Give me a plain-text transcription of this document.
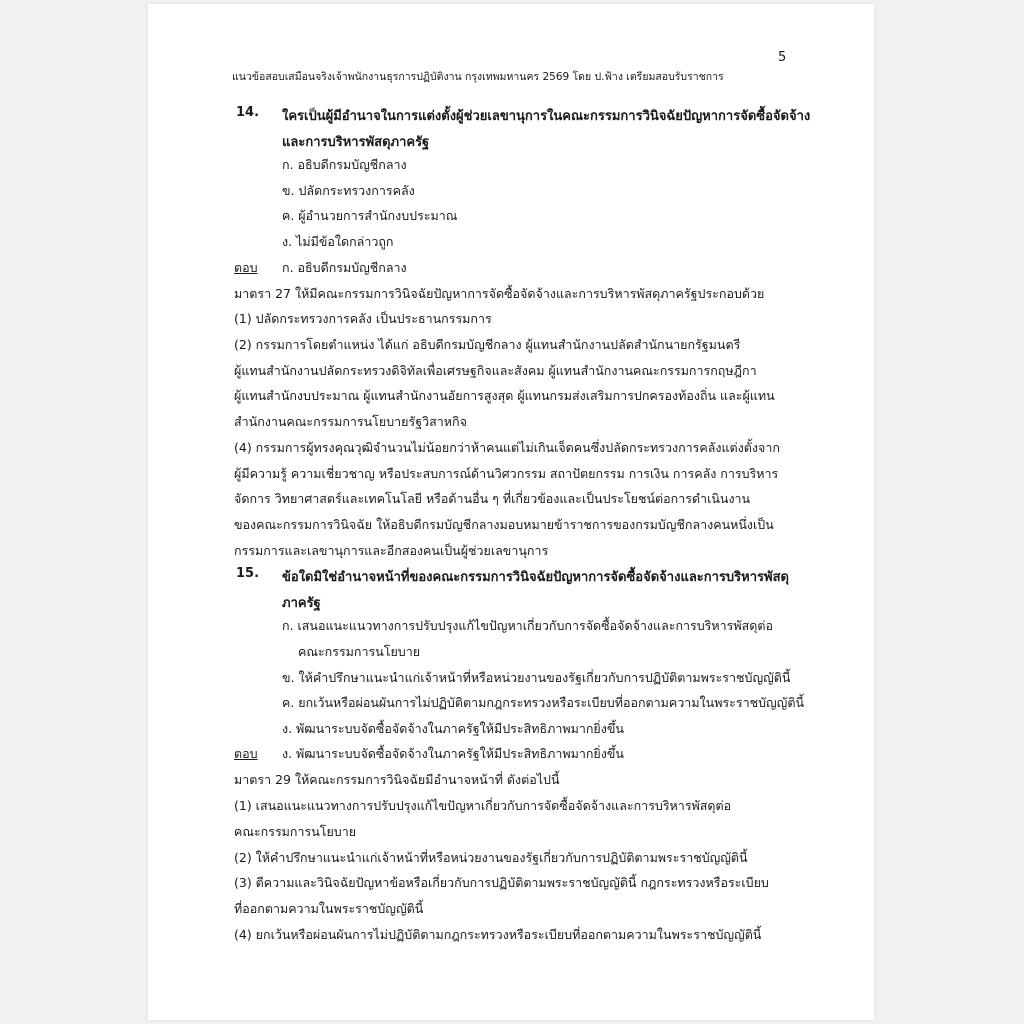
5
แนวข้อสอบเสมือนจริงเจ้าพนักงานธุรการปฏิบัติงาน กรุงเทพมหานคร 2569 โดย ป.ฟ้าง เตรียมสอบรับราชการ
14. ใครเป็นผู้มีอำนาจในการแต่งตั้งผู้ช่วยเลขานุการในคณะกรรมการวินิจฉัยปัญหาการจัดซื้อจัดจ้าง
และการบริหารพัสดุภาครัฐ
ก. อธิบดีกรมบัญชีกลาง
ข. ปลัดกระทรวงการคลัง
ค. ผู้อำนวยการสำนักงบประมาณ
ง. ไม่มีข้อใดกล่าวถูก
ตอบ ก. อธิบดีกรมบัญชีกลาง
มาตรา 27 ให้มีคณะกรรมการวินิจฉัยปัญหาการจัดซื้อจัดจ้างและการบริหารพัสดุภาครัฐประกอบด้วย
(1) ปลัดกระทรวงการคลัง เป็นประธานกรรมการ
(2) กรรมการโดยตำแหน่ง ได้แก่ อธิบดีกรมบัญชีกลาง ผู้แทนสำนักงานปลัดสำนักนายกรัฐมนตรี
ผู้แทนสำนักงานปลัดกระทรวงดิจิทัลเพื่อเศรษฐกิจและสังคม ผู้แทนสำนักงานคณะกรรมการกฤษฎีกา
ผู้แทนสำนักงบประมาณ ผู้แทนสำนักงานอัยการสูงสุด ผู้แทนกรมส่งเสริมการปกครองท้องถิ่น และผู้แทน
สำนักงานคณะกรรมการนโยบายรัฐวิสาหกิจ
(4) กรรมการผู้ทรงคุณวุฒิจำนวนไม่น้อยกว่าห้าคนแต่ไม่เกินเจ็ดคนซึ่งปลัดกระทรวงการคลังแต่งตั้งจาก
ผู้มีความรู้ ความเชี่ยวชาญ หรือประสบการณ์ด้านวิศวกรรม สถาปัตยกรรม การเงิน การคลัง การบริหาร
จัดการ วิทยาศาสตร์และเทคโนโลยี หรือด้านอื่น ๆ ที่เกี่ยวข้องและเป็นประโยชน์ต่อการดำเนินงาน
ของคณะกรรมการวินิจฉัย ให้อธิบดีกรมบัญชีกลางมอบหมายข้าราชการของกรมบัญชีกลางคนหนึ่งเป็น
กรรมการและเลขานุการและอีกสองคนเป็นผู้ช่วยเลขานุการ
15. ข้อใดมิใช่อำนาจหน้าที่ของคณะกรรมการวินิจฉัยปัญหาการจัดซื้อจัดจ้างและการบริหารพัสดุ
ภาครัฐ
ก. เสนอแนะแนวทางการปรับปรุงแก้ไขปัญหาเกี่ยวกับการจัดซื้อจัดจ้างและการบริหารพัสดุต่อ
คณะกรรมการนโยบาย
ข. ให้คำปรึกษาแนะนำแก่เจ้าหน้าที่หรือหน่วยงานของรัฐเกี่ยวกับการปฏิบัติตามพระราชบัญญัตินี้
ค. ยกเว้นหรือผ่อนผันการไม่ปฏิบัติตามกฎกระทรวงหรือระเบียบที่ออกตามความในพระราชบัญญัตินี้
ง. พัฒนาระบบจัดซื้อจัดจ้างในภาครัฐให้มีประสิทธิภาพมากยิ่งขึ้น
ตอบ ง. พัฒนาระบบจัดซื้อจัดจ้างในภาครัฐให้มีประสิทธิภาพมากยิ่งขึ้น
มาตรา 29 ให้คณะกรรมการวินิจฉัยมีอำนาจหน้าที่ ดังต่อไปนี้
(1) เสนอแนะแนวทางการปรับปรุงแก้ไขปัญหาเกี่ยวกับการจัดซื้อจัดจ้างและการบริหารพัสดุต่อ
คณะกรรมการนโยบาย
(2) ให้คำปรึกษาแนะนำแก่เจ้าหน้าที่หรือหน่วยงานของรัฐเกี่ยวกับการปฏิบัติตามพระราชบัญญัตินี้
(3) ตีความและวินิจฉัยปัญหาข้อหรือเกี่ยวกับการปฏิบัติตามพระราชบัญญัตินี้ กฎกระทรวงหรือระเบียบ
ที่ออกตามความในพระราชบัญญัตินี้
(4) ยกเว้นหรือผ่อนผันการไม่ปฏิบัติตามกฎกระทรวงหรือระเบียบที่ออกตามความในพระราชบัญญัตินี้
